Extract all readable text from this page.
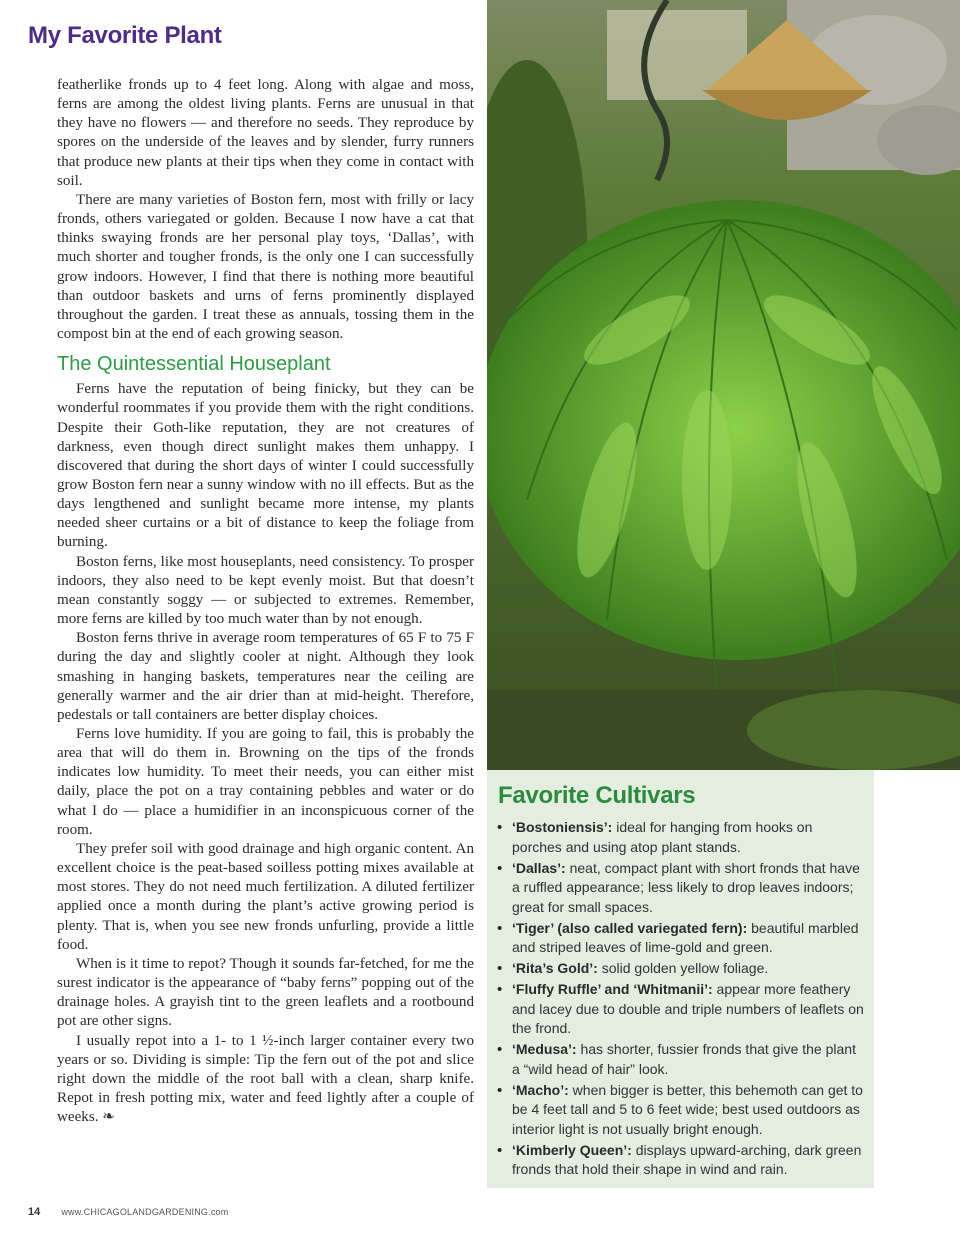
My Favorite Plant

featherlike fronds up to 4 feet long. Along with algae and moss, ferns are among the oldest living plants. Ferns are unusual in that they have no flowers — and therefore no seeds. They reproduce by spores on the underside of the leaves and by slender, furry runners that produce new plants at their tips when they come in contact with soil.

There are many varieties of Boston fern, most with frilly or lacy fronds, others variegated or golden. Because I now have a cat that thinks swaying fronds are her personal play toys, ‘Dallas’, with much shorter and tougher fronds, is the only one I can successfully grow indoors. However, I find that there is nothing more beautiful than outdoor baskets and urns of ferns prominently displayed throughout the garden. I treat these as annuals, tossing them in the compost bin at the end of each growing season.

The Quintessential Houseplant

Ferns have the reputation of being finicky, but they can be wonderful roommates if you provide them with the right conditions. Despite their Goth-like reputation, they are not creatures of darkness, even though direct sunlight makes them unhappy. I discovered that during the short days of winter I could successfully grow Boston fern near a sunny window with no ill effects. But as the days lengthened and sunlight became more intense, my plants needed sheer curtains or a bit of distance to keep the foliage from burning.

Boston ferns, like most houseplants, need consistency. To prosper indoors, they also need to be kept evenly moist. But that doesn’t mean constantly soggy — or subjected to extremes. Remember, more ferns are killed by too much water than by not enough.

Boston ferns thrive in average room temperatures of 65 F to 75 F during the day and slightly cooler at night. Although they look smashing in hanging baskets, temperatures near the ceiling are generally warmer and the air drier than at mid-height. Therefore, pedestals or tall containers are better display choices.

Ferns love humidity. If you are going to fail, this is probably the area that will do them in. Browning on the tips of the fronds indicates low humidity. To meet their needs, you can either mist daily, place the pot on a tray containing pebbles and water or do what I do — place a humidifier in an inconspicuous corner of the room.

They prefer soil with good drainage and high organic content. An excellent choice is the peat-based soilless potting mixes available at most stores. They do not need much fertilization. A diluted fertilizer applied once a month during the plant’s active growing period is plenty. That is, when you see new fronds unfurling, provide a little food.

When is it time to repot? Though it sounds far-fetched, for me the surest indicator is the appearance of “baby ferns” popping out of the drainage holes. A grayish tint to the green leaflets and a rootbound pot are other signs.

I usually repot into a 1- to 1 ½-inch larger container every two years or so. Dividing is simple: Tip the fern out of the pot and slice right down the middle of the root ball with a clean, sharp knife. Repot in fresh potting mix, water and feed lightly after a couple of weeks. ❧

Favorite Cultivars
• ‘Bostoniensis’: ideal for hanging from hooks on porches and using atop plant stands.
• ‘Dallas’: neat, compact plant with short fronds that have a ruffled appearance; less likely to drop leaves indoors; great for small spaces.
• ‘Tiger’ (also called variegated fern): beautiful marbled and striped leaves of lime-gold and green.
• ‘Rita’s Gold’: solid golden yellow foliage.
• ‘Fluffy Ruffle’ and ‘Whitmanii’: appear more feathery and lacey due to double and triple numbers of leaflets on the frond.
• ‘Medusa’: has shorter, fussier fronds that give the plant a “wild head of hair” look.
• ‘Macho’: when bigger is better, this behemoth can get to be 4 feet tall and 5 to 6 feet wide; best used outdoors as interior light is not usually bright enough.
• ‘Kimberly Queen’: displays upward-arching, dark green fronds that hold their shape in wind and rain.
14 www.CHICAGOLANDGARDENING.com
